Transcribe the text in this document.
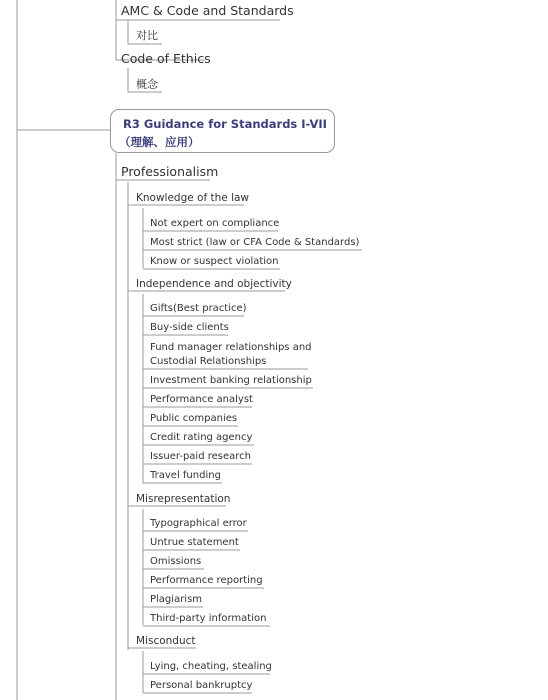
AMC & Code and Standards
对比
Code of Ethics
概念
R3 Guidance for Standards I-VII
（理解、应用）
Professionalism
Knowledge of the law
Not expert on compliance
Most strict (law or CFA Code & Standards)
Know or suspect violation
Independence and objectivity
Gifts(Best practice)
Buy-side clients
Fund manager relationships and
Custodial Relationships
Investment banking relationship
Performance analyst
Public companies
Credit rating agency
Issuer-paid research
Travel funding
Misrepresentation
Typographical error
Untrue statement
Omissions
Performance reporting
Plagiarism
Third-party information
Misconduct
Lying, cheating, stealing
Personal bankruptcy
